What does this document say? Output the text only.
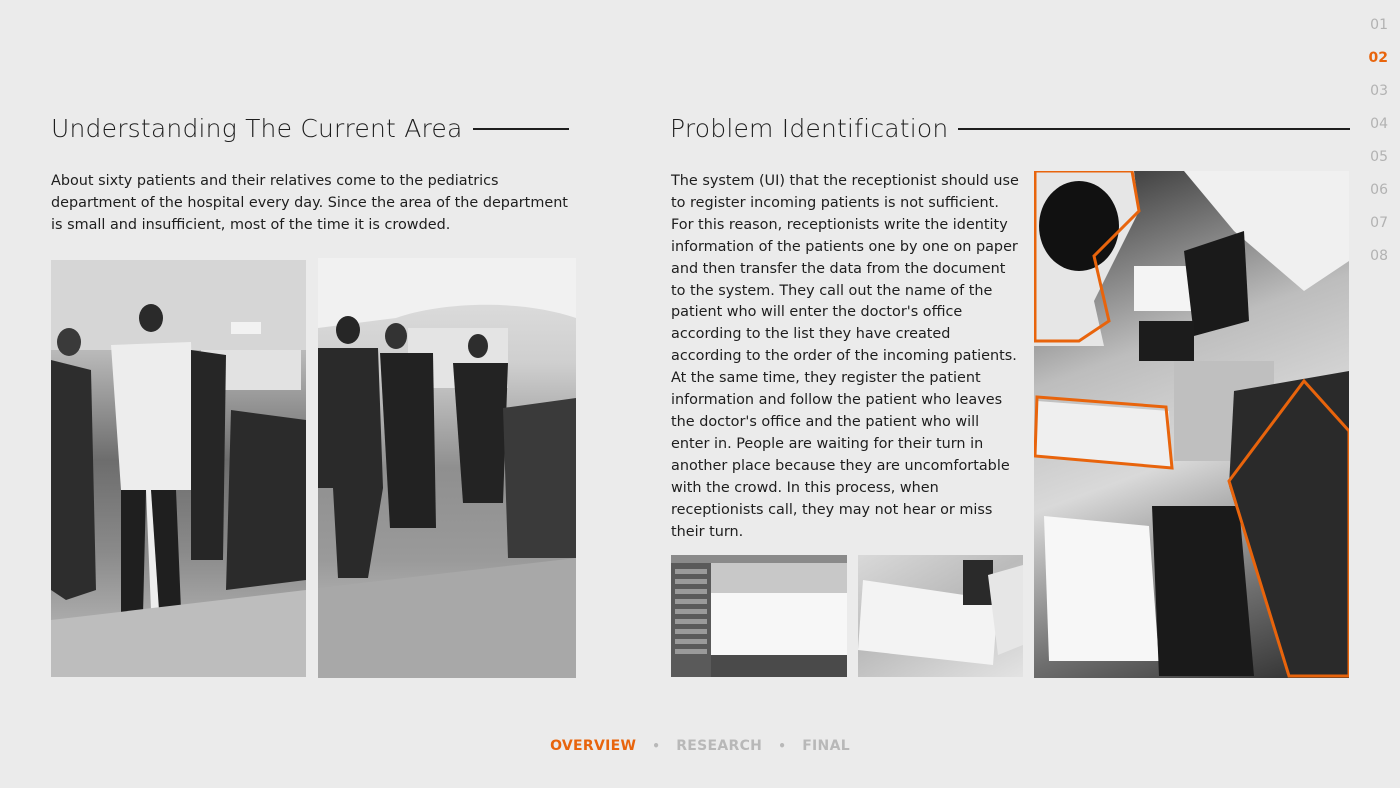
01
02
03
04
05
06
07
08
Understanding The Current Area

About sixty patients and their relatives come to the pediatrics department of the hospital every day. Since the area of the department is small and insufficient, most of the time it is crowded.

Problem Identification

The system (UI) that the receptionist should use to register incoming patients is not sufficient. For this reason, receptionists write the identity information of the patients one by one on paper and then transfer the data from the document to the system. They call out the name of the patient who will enter the doctor's office according to the list they have created according to the order of the incoming patients. At the same time, they register the patient information and follow the patient who leaves the doctor's office and the patient who will enter in. People are waiting for their turn in another place because they are uncomfortable with the crowd. In this process, when receptionists call, they may not hear or miss their turn.

OVERVIEW • RESEARCH • FINAL
